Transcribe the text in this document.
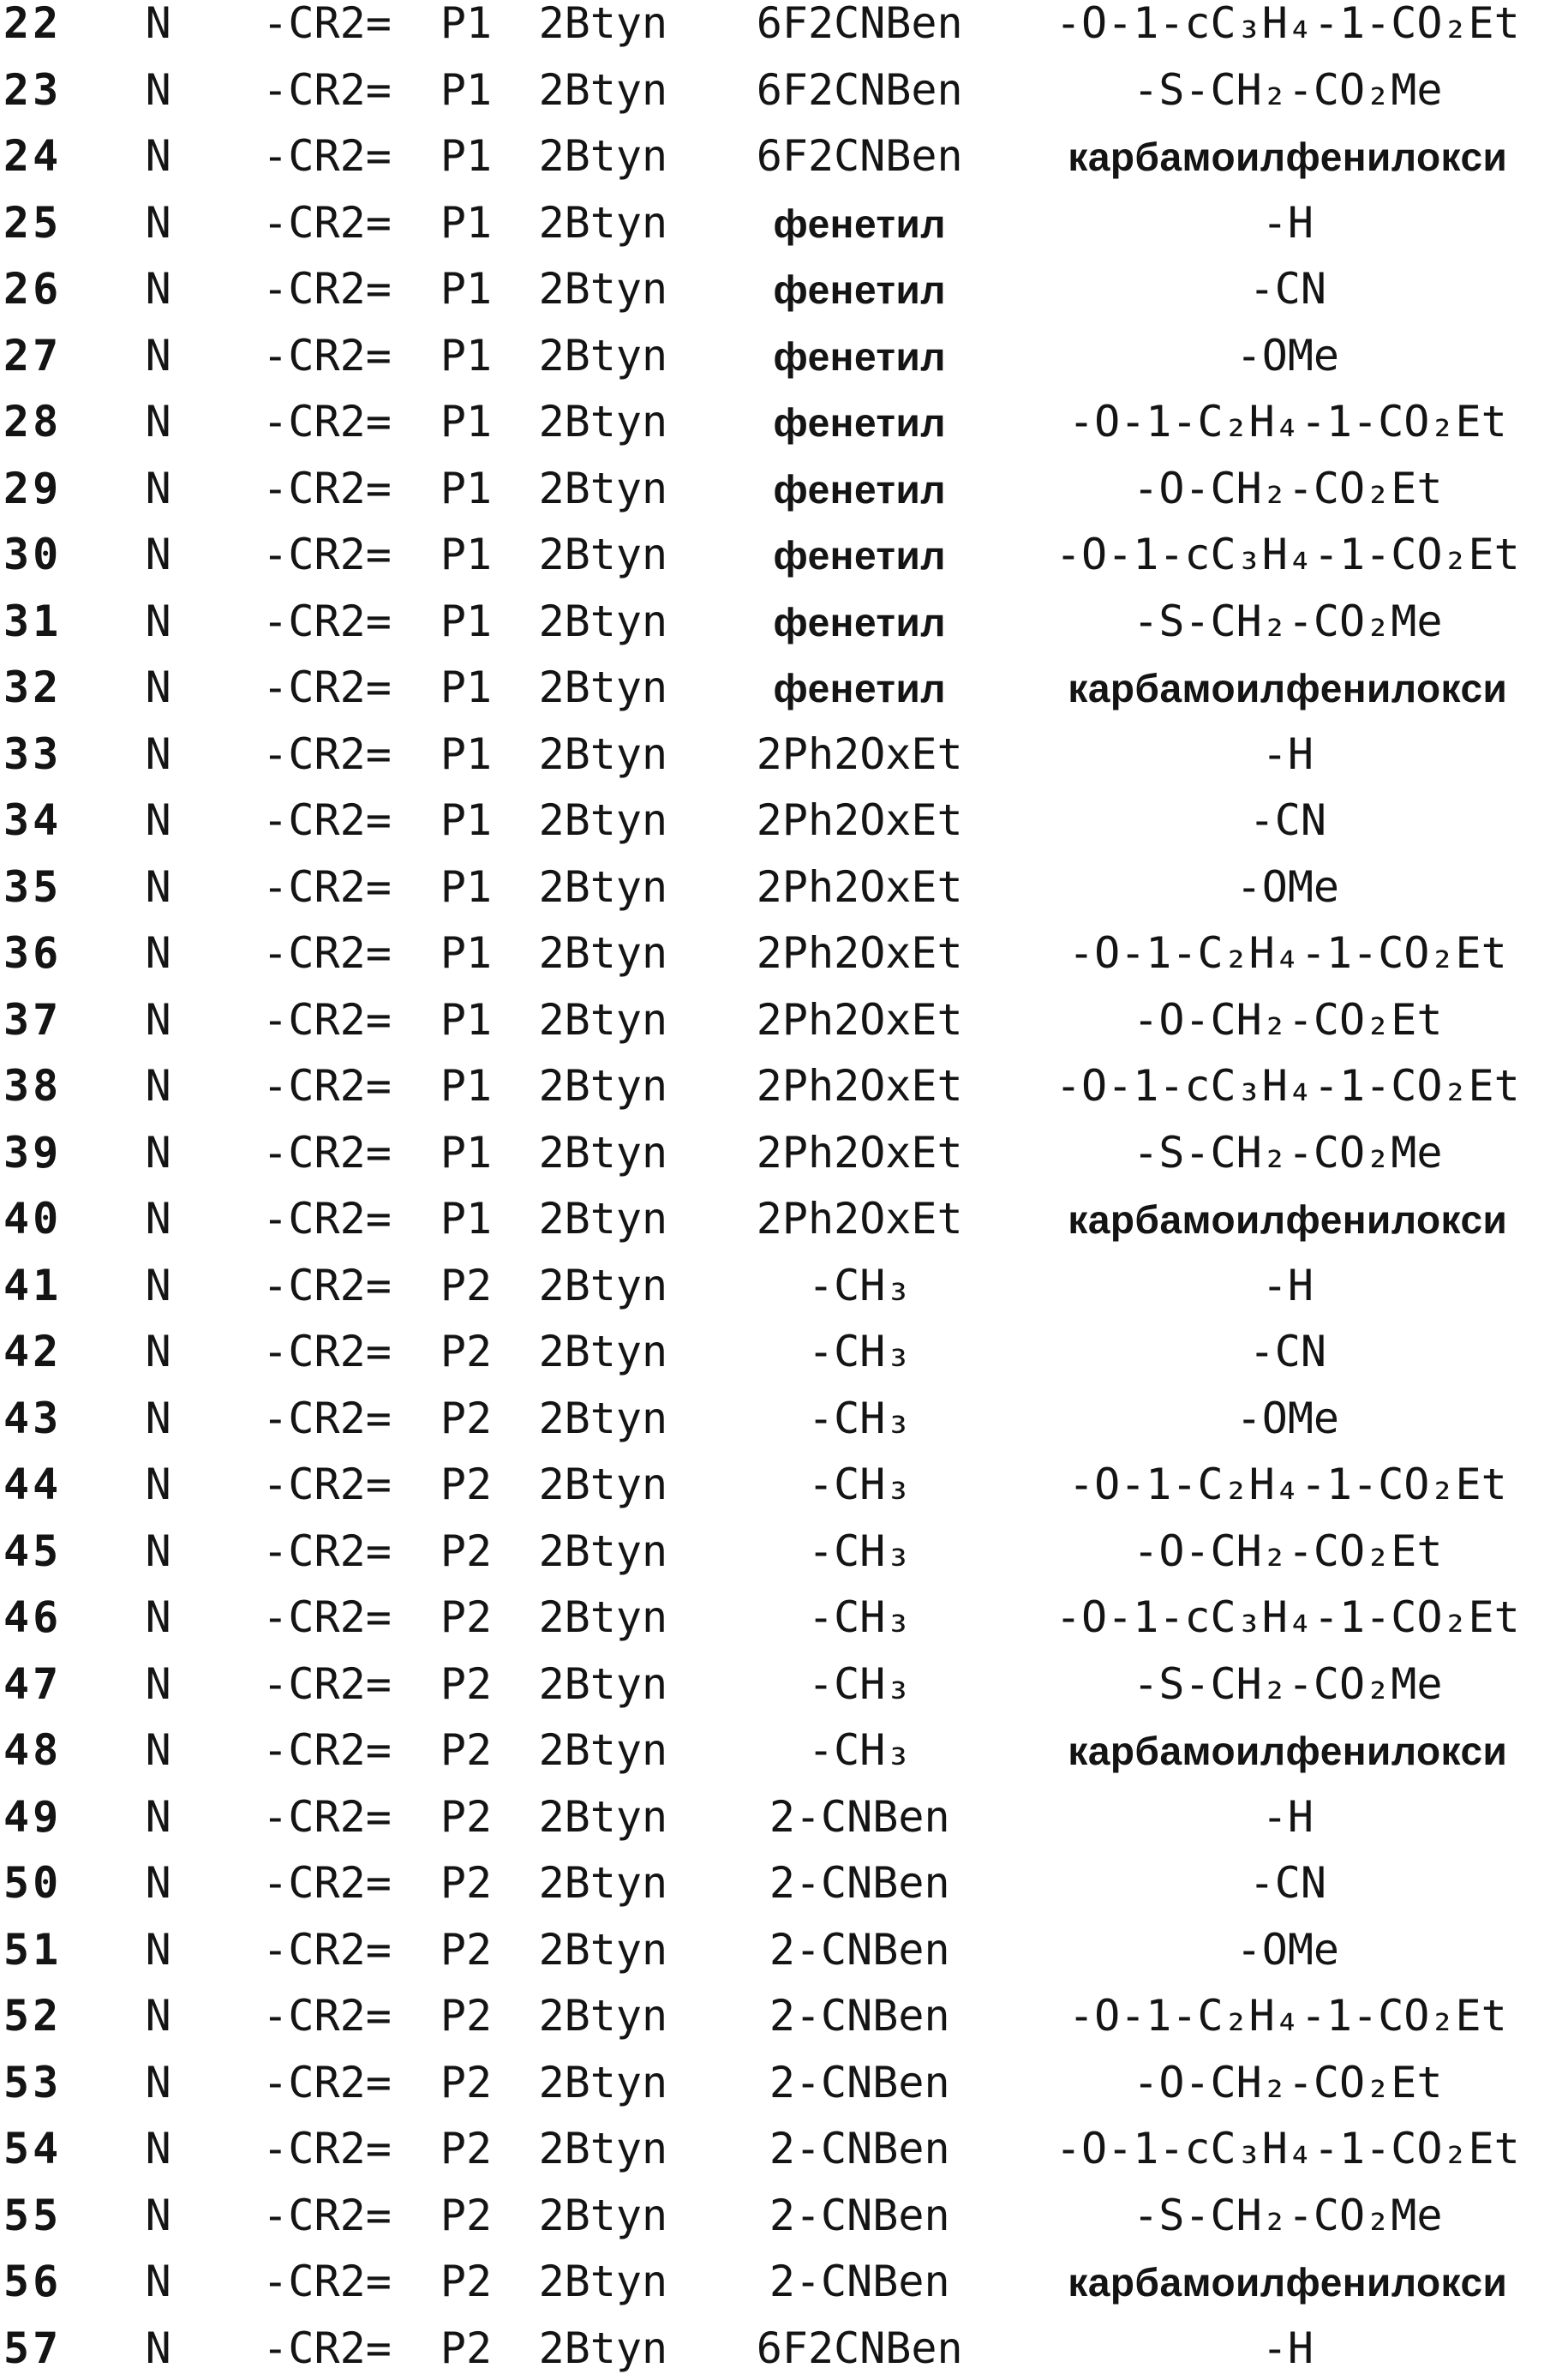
22 N -CR2= P1 2Btyn 6F2CNBen -O-1-cC₃H₄-1-CO₂Et
23 N -CR2= P1 2Btyn 6F2CNBen	-S-CH₂-CO₂Me
24 N -CR2= P1 2Btyn 6F2CNBen	карбамоилфенилокси
25 N -CR2= P1 2Btyn	фенетил	-H
26 N -CR2= P1 2Btyn	фенетил	-CN
27 N -CR2= P1 2Btyn	фенетил	-OMe
28 N -CR2= P1 2Btyn	фенетил	-O-1-C₂H₄-1-CO₂Et
29 N -CR2= P1 2Btyn	фенетил	-O-CH₂-CO₂Et
30 N -CR2= P1 2Btyn	фенетил	-O-1-cC₃H₄-1-CO₂Et
31 N -CR2= P1 2Btyn	фенетил	-S-CH₂-CO₂Me
32 N -CR2= P1 2Btyn	фенетил	карбамоилфенилокси
33 N -CR2= P1 2Btyn 2Ph2OxEt	-H
34 N -CR2= P1 2Btyn 2Ph2OxEt	-CN
35 N -CR2= P1 2Btyn 2Ph2OxEt	-OMe
36 N -CR2= P1 2Btyn 2Ph2OxEt -O-1-C₂H₄-1-CO₂Et
37 N -CR2= P1 2Btyn 2Ph2OxEt	-O-CH₂-CO₂Et
38 N -CR2= P1 2Btyn 2Ph2OxEt -O-1-cC₃H₄-1-CO₂Et
39 N -CR2= P1 2Btyn 2Ph2OxEt	-S-CH₂-CO₂Me
40 N -CR2= P1 2Btyn 2Ph2OxEt	карбамоилфенилокси
41 N -CR2= P2 2Btyn	-CH₃	-H
42 N -CR2= P2 2Btyn	-CH₃	-CN
43 N -CR2= P2 2Btyn	-CH₃	-OMe
44 N -CR2= P2 2Btyn	-CH₃	-O-1-C₂H₄-1-CO₂Et
45 N -CR2= P2 2Btyn	-CH₃	-O-CH₂-CO₂Et
46 N -CR2= P2 2Btyn	-CH₃	-O-1-cC₃H₄-1-CO₂Et
47 N -CR2= P2 2Btyn	-CH₃	-S-CH₂-CO₂Me
48 N -CR2= P2 2Btyn	-CH₃	карбамоилфенилокси
49 N -CR2= P2 2Btyn 2-CNBen	-H
50 N -CR2= P2 2Btyn 2-CNBen	-CN
51 N -CR2= P2 2Btyn 2-CNBen	-OMe
52 N -CR2= P2 2Btyn 2-CNBen	-O-1-C₂H₄-1-CO₂Et
53 N -CR2= P2 2Btyn 2-CNBen	-O-CH₂-CO₂Et
54 N -CR2= P2 2Btyn 2-CNBen -O-1-cC₃H₄-1-CO₂Et
55 N -CR2= P2 2Btyn 2-CNBen	-S-CH₂-CO₂Me
56 N -CR2= P2 2Btyn 2-CNBen	карбамоилфенилокси
57 N -CR2= P2 2Btyn 6F2CNBen	-H
